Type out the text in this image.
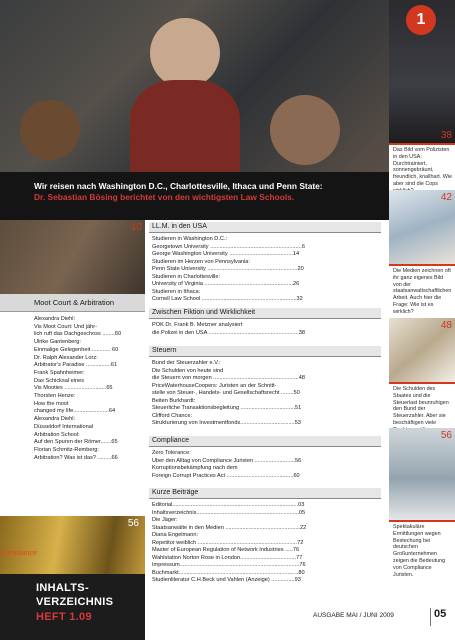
Wir reisen nach Washington D.C., Charlottesville, Ithaca und Penn State:
Dr. Sebastian Bösing berichtet von den wichtigsten Law Schools.
10
Moot Court & Arbitration
Alexandra Diehl:
Vis Moot Court: Und jähr-
lich ruft das Dachgeschoss ........60
Ulrike Gantenberg:
Einmalige Gelegenheit ............ 60
Dr. Ralph Alexander Lorz:
Arbitrator's Paradise ................61
Frank Spahnheimer:
Das Schicksal eines
Vis Mooties ...........................65
Thorsten Henze:
How the moot
changed my life.......................64
Alexandra Diehl:
Düsseldorf International
Arbitration School:
Auf den Spuren der Römer.......65
Florian Schmitz-Remberg:
Arbitration? Was ist das? .........66
56
Compliance
INHALTS-
VERZEICHNIS
HEFT 1.09
LL.M. in den USA
Studieren in Washington D.C.:
Georgetown University ...........................................................6
George Washington University .........................................14
Studieren im Herzen von Pennsylvania:
Penn State University ..........................................................20
Studieren in Charlottesville:
University of Virginia .........................................................26
Studieren in Ithaca:
Cornell Law School .............................................................32
Zwischen Fiktion und Wirklichkeit
POK Dr. Frank B. Metzner analysiert
die Polizei in den USA ..........................................................38
Steuern
Bund der Steuerzahler e.V.:
Die Schulden von heute sind
die Steuern von morgen .......................................................48
PriceWaterhouseCoopers: Juristen an der Schnitt-
stelle von Steuer-, Handels- und Gesellschaftsrecht ........50
Beiten Burkhardt:
Steuerliche Transaktionsbegleitung ...................................51
Clifford Chance:
Strukturierung von Investmentfonds...................................53
Compliance
Zero Tolerance:
Über den Alltag von Compliance Juristen ..........................56
Korruptionsbekämpfung nach dem
Foreign Corrupt Practices Act ...........................................60
Kurze Beiträge
Editorial.................................................................................03
Inhaltsverzeichnis..................................................................05
Die Jäger:
Staatsanwälte in den Medien ................................................22
Diana Engelmann:
Repetitor weiblich ................................................................72
Master of European Regulation of Network Industries .....76
Wahlstation Norton Rose in London....................................77
Impressum.............................................................................76
Buchmarkt.............................................................................80
Studienliteratur C.H.Beck und Vahlen (Anzeige) ...............93
1
38
Das Bild vom Polizisten in den USA: Durchtrainiert, sonnengebräunt, freundlich, knallhart. Wie aber sind die Cops
42
Die Medien zeichnen oft ihr ganz eigenes Bild von der staatsanwaltschaftlichen Arbeit. Auch hier die Frage: Wie ist es wirklich?
48
Die Schulden des Staates und die Steuerlast beunruhigen den Bund der Steuerzahler. Aber sie beschäftigen viele
56
Spektakuläre Ermittlungen wegen Bestechung bei deutschen Großunternehmen zeigen die Bedeutung von Compliance Juristen.
AUSGABE MAI / JUNI 2009	05
